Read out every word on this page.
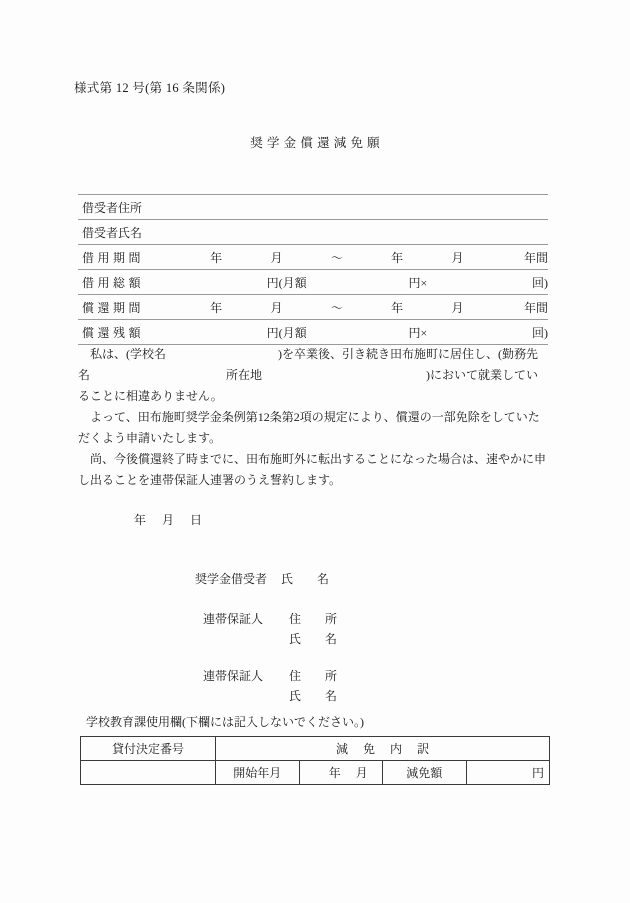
様式第 12 号(第 16 条関係)
奨学金償還減免願
借受者住所						
借受者氏名						
借用期間	年	月	～	年	月	年間
借用総額		円(月額		円×	回)	
償還期間	年	月	～	年	月	年間
償還残額		円(月額		円×	回)	

私は、(学校名	)を卒業後、引き続き田布施町に居住し、(勤務先
名	所在地	)において就業していることに相違ありません。

よって、田布施町奨学金条例第12条第2項の規定により、償還の一部免除をしていただくよう申請いたします。

尚、今後償還終了時までに、田布施町外に転出することになった場合は、速やかに申し出ることを連帯保証人連署のうえ誓約します。

年 月 日
奨学金借受者 氏　名
連帯保証人 住　所
氏　名
連帯保証人 住　所
氏　名
学校教育課使用欄(下欄には記入しないでください。)
貸付決定番号	減免内訳			
	開始年月	年 月	減免額	円
